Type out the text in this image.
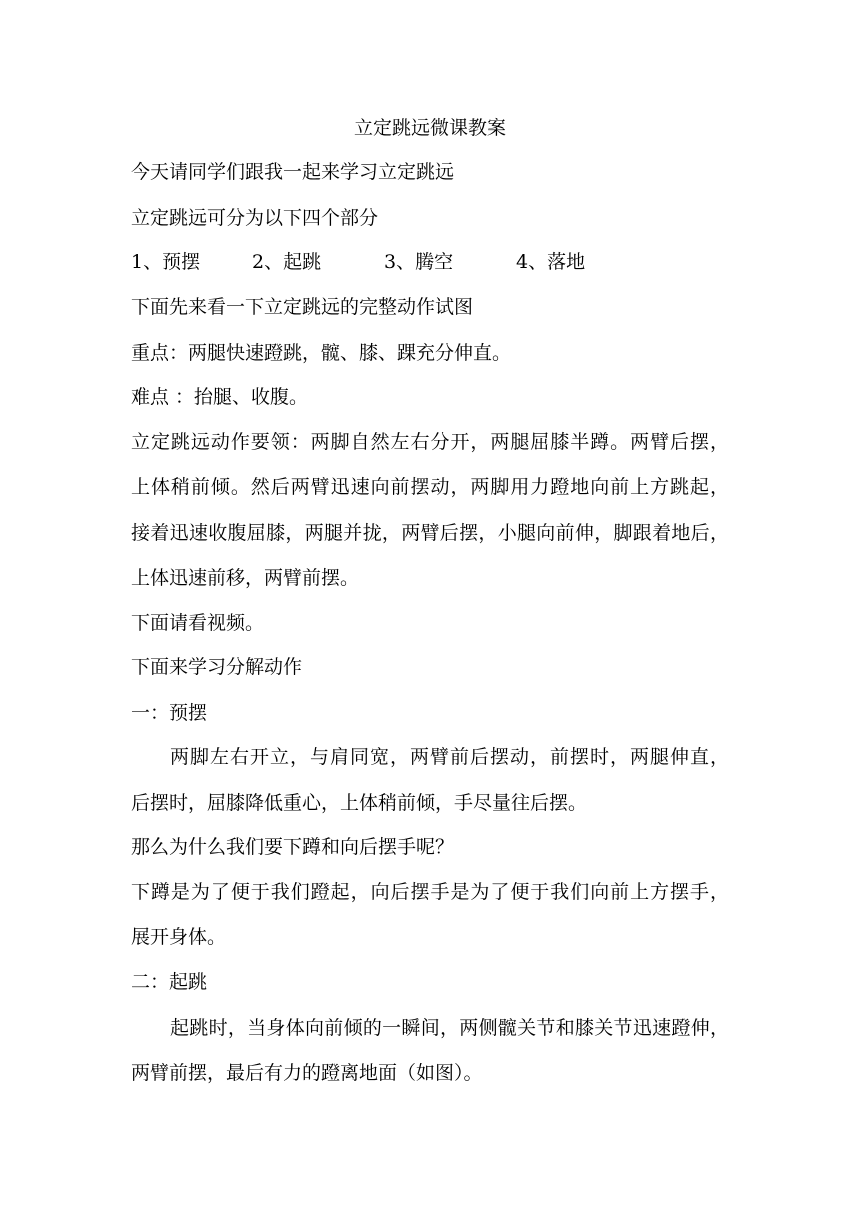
立定跳远微课教案
今天请同学们跟我一起来学习立定跳远
立定跳远可分为以下四个部分
1、预摆	2、起跳	3、腾空	4、落地
下面先来看一下立定跳远的完整动作试图
重点：两腿快速蹬跳，髋、膝、踝充分伸直。
难点 ：抬腿、收腹。
立定跳远动作要领：两脚自然左右分开，两腿屈膝半蹲。两臂后摆，
上体稍前倾。然后两臂迅速向前摆动，两脚用力蹬地向前上方跳起，
接着迅速收腹屈膝，两腿并拢，两臂后摆，小腿向前伸，脚跟着地后，
上体迅速前移，两臂前摆。
下面请看视频。
下面来学习分解动作
一：预摆
两脚左右开立，与肩同宽，两臂前后摆动，前摆时，两腿伸直，
后摆时，屈膝降低重心，上体稍前倾，手尽量往后摆。
那么为什么我们要下蹲和向后摆手呢？
下蹲是为了便于我们蹬起，向后摆手是为了便于我们向前上方摆手，
展开身体。
二：起跳
起跳时，当身体向前倾的一瞬间，两侧髋关节和膝关节迅速蹬伸，
两臂前摆，最后有力的蹬离地面（如图）。
